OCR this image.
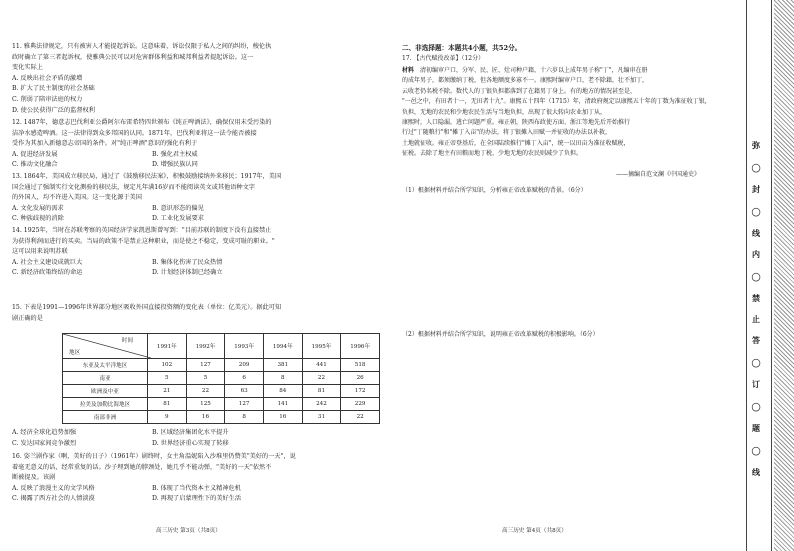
11. 雅典法律规定，只有被害人才能提起诉讼。这意味着，诉讼仅限于私人之间的纠纷，梭伦执
政时确立了第三者起诉权，使雅典公民可以对危害群体利益和城邦利益者提起诉讼。这一
变化实际上
A. 反映出社会矛盾的激增
B. 扩大了民主制度的社会基础
C. 削弱了陪审法庭的权力
D. 使公民获得广泛的监督权利
12. 1487年，德意志巴伐利亚公爵阿尔布雷希特四世颁布《纯正啤酒法》，确保仅用未受污染的
洁净水感造啤酒。这一法律得到众多邦国的认同。1871年，巴伐利亚将这一法令能否被接
受作为其加入新德意志帝国的条件。对"纯正啤酒"意识的强化有利于
A. 促进经济发展	B. 强化君主权威
C. 推动文化融合	D. 增强民族认同
13. 1864年，美国成立移民局，通过了《鼓励移民法案》，积极鼓励接纳外来移民；1917年，美国
国会通过了强制实行文化测验的移民法，规定凡年满16岁而不能阅读英文或其他语种文字
的外国人，均不许进入美国。这一变化源于美国
A. 文化发展的需求	B. 意识形态的偏见
C. 种族歧视的消除	D. 工业化发展要求
14. 1925年，当时在苏联考察的英国经济学家凯恩斯曾写到："目前苏联的制度下没有直接禁止
为获得利润而进行的买卖。当局的政策不是禁止这种职业，而是使之不稳定，变成可耻的职业。"
这可以用来说明苏联
A. 社会主义建设成就巨大	B. 集体化伤害了民众热情
C. 新经济政策终结的命运	D. 计划经济体制已经确立
15. 下表是1991—1996年世界部分地区吸收外国直接投资额的变化表（单位：亿美元）。据此可知
剧正确的是
时间
地区	1991年	1992年	1993年	1994年	1995年	1996年
东亚及太平洋地区	102	127	209	381	441	518
南亚	5	5	6	8	22	26
欧洲及中亚	21	22	63	84	81	172
拉美及加勒比海地区	81	125	127	141	242	229
南部非洲	9	16	8	16	31	22
A. 经济全球化趋势加强	B. 区域经济集团化水平提升
C. 发达国家间竞争激烈	D. 世界经济重心实现了转移
16. 姿兰剧作家（啊，美好的日子）（1961年）剧终时，女主角温妮陷入沙堆里仍赞美"美好的一天"，说
着毫无意义的话，经常重复的话。沙子埋到她的脖颈处，她几乎不能动弹，"美好的一天"依然不
断被提及。该剧
A. 反映了浪漫主义的文学风格	B. 体现了当代资本主义精神危机
C. 揭露了西方社会的人情淡漠	D. 再现了启蒙理性下的美好生活
高三历史 第3页（共8页）
二、非选择题：本题共4小题，共52分。
17. 【古代赋役改革】（12分）
材料 清初编审户口，分军、民、匠、灶司种户籍，十六岁以上成年男子称"丁"，凡编审在册
的成年男子，都须缴纳丁税，但各地额度多寡不一。康熙时编审户口，老不除籍，壮不加丁，
云收老仍名税不除。数代人的丁银负担都落到了在籍男丁身上。有的地方的情况甚至是，
"一邑之中，有田者十一，无田者十九"。康熙五十四年（1715）年，清政府规定以康熙五十年的丁数为准征收丁银，
负担，无地的农民和少地农民生活与当地负担，出现了很大转向农业加丁从，
康熙时，人口隐漏，逃亡问题严重。雍正朝，陕西布政使方面、浙江等地先后开始推行
行过"丁随粮行"和"摊丁入亩"的办法，将丁银摊入田赋一并征收的办法以补救，
土地就征收。雍正帝登基后，在全国陆续推行"摊丁入亩"，统一以田亩为准征收赋税，
征税。去除了地主有田粮而地丁税，少地无地的农民则减少了负担。
——摘编自范文澜《中国通史》
（1）根据材料并结合所学知识，分析雍正帝改革赋税的背景。（6分）
（2）根据材料并结合所学知识，说明雍正帝改革赋税的积极影响。（6分）
高三历史 第4页（共8页）
弥
○
封
○
线
内
○
禁
止
答
○
订
○
题
○
线
